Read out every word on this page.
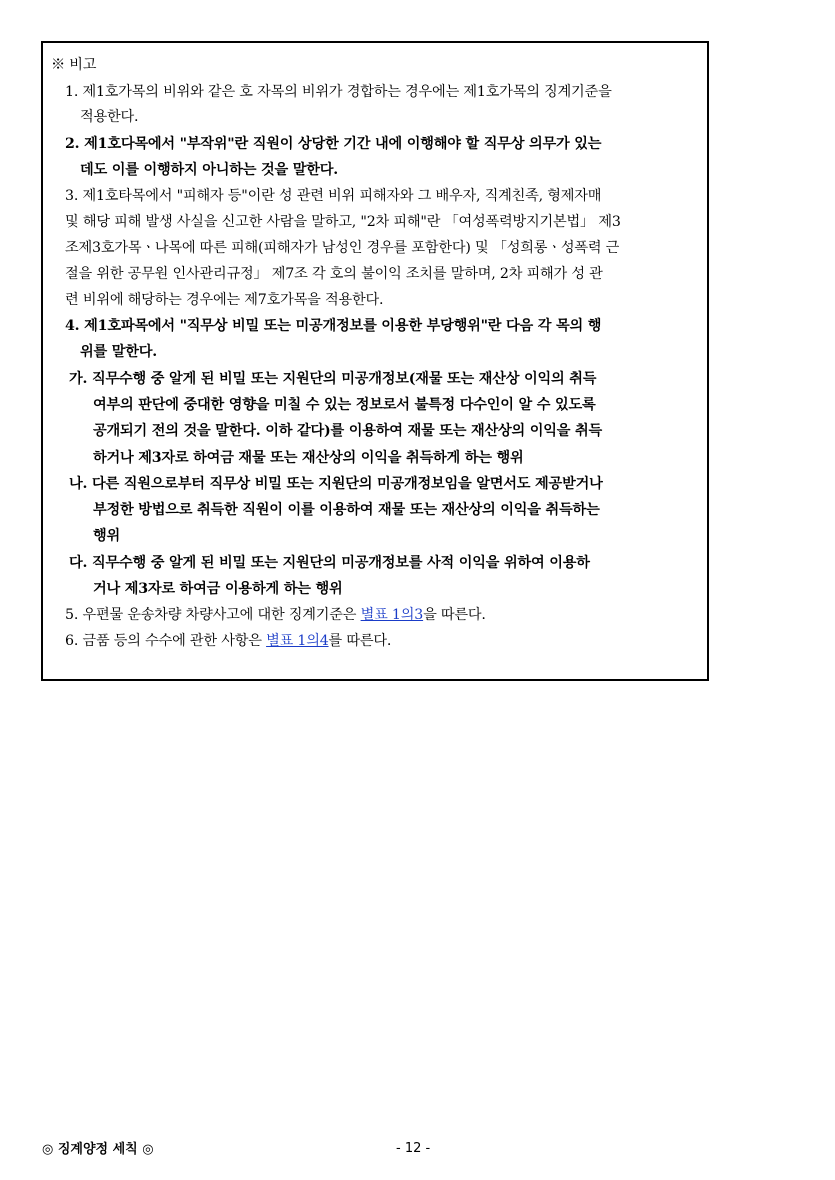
※ 비고
1. 제1호가목의 비위와 같은 호 자목의 비위가 경합하는 경우에는 제1호가목의 징계기준을
적용한다.
2. 제1호다목에서 "부작위"란 직원이 상당한 기간 내에 이행해야 할 직무상 의무가 있는
데도 이를 이행하지 아니하는 것을 말한다.
3. 제1호타목에서 "피해자 등"이란 성 관련 비위 피해자와 그 배우자, 직계친족, 형제자매
및 해당 피해 발생 사실을 신고한 사람을 말하고, "2차 피해"란 「여성폭력방지기본법」 제3
조제3호가목ㆍ나목에 따른 피해(피해자가 남성인 경우를 포함한다) 및 「성희롱ㆍ성폭력 근
절을 위한 공무원 인사관리규정」 제7조 각 호의 불이익 조치를 말하며, 2차 피해가 성 관
련 비위에 해당하는 경우에는 제7호가목을 적용한다.
4. 제1호파목에서 "직무상 비밀 또는 미공개정보를 이용한 부당행위"란 다음 각 목의 행
위를 말한다.
가. 직무수행 중 알게 된 비밀 또는 지원단의 미공개정보(재물 또는 재산상 이익의 취득
여부의 판단에 중대한 영향을 미칠 수 있는 정보로서 불특정 다수인이 알 수 있도록
공개되기 전의 것을 말한다. 이하 같다)를 이용하여 재물 또는 재산상의 이익을 취득
하거나 제3자로 하여금 재물 또는 재산상의 이익을 취득하게 하는 행위
나. 다른 직원으로부터 직무상 비밀 또는 지원단의 미공개정보임을 알면서도 제공받거나
부정한 방법으로 취득한 직원이 이를 이용하여 재물 또는 재산상의 이익을 취득하는
행위
다. 직무수행 중 알게 된 비밀 또는 지원단의 미공개정보를 사적 이익을 위하여 이용하
거나 제3자로 하여금 이용하게 하는 행위
5. 우편물 운송차량 차량사고에 대한 징계기준은 별표 1의3을 따른다.
6. 금품 등의 수수에 관한 사항은 별표 1의4를 따른다.
◎ 징계양정 세칙 ◎	- 12 -
